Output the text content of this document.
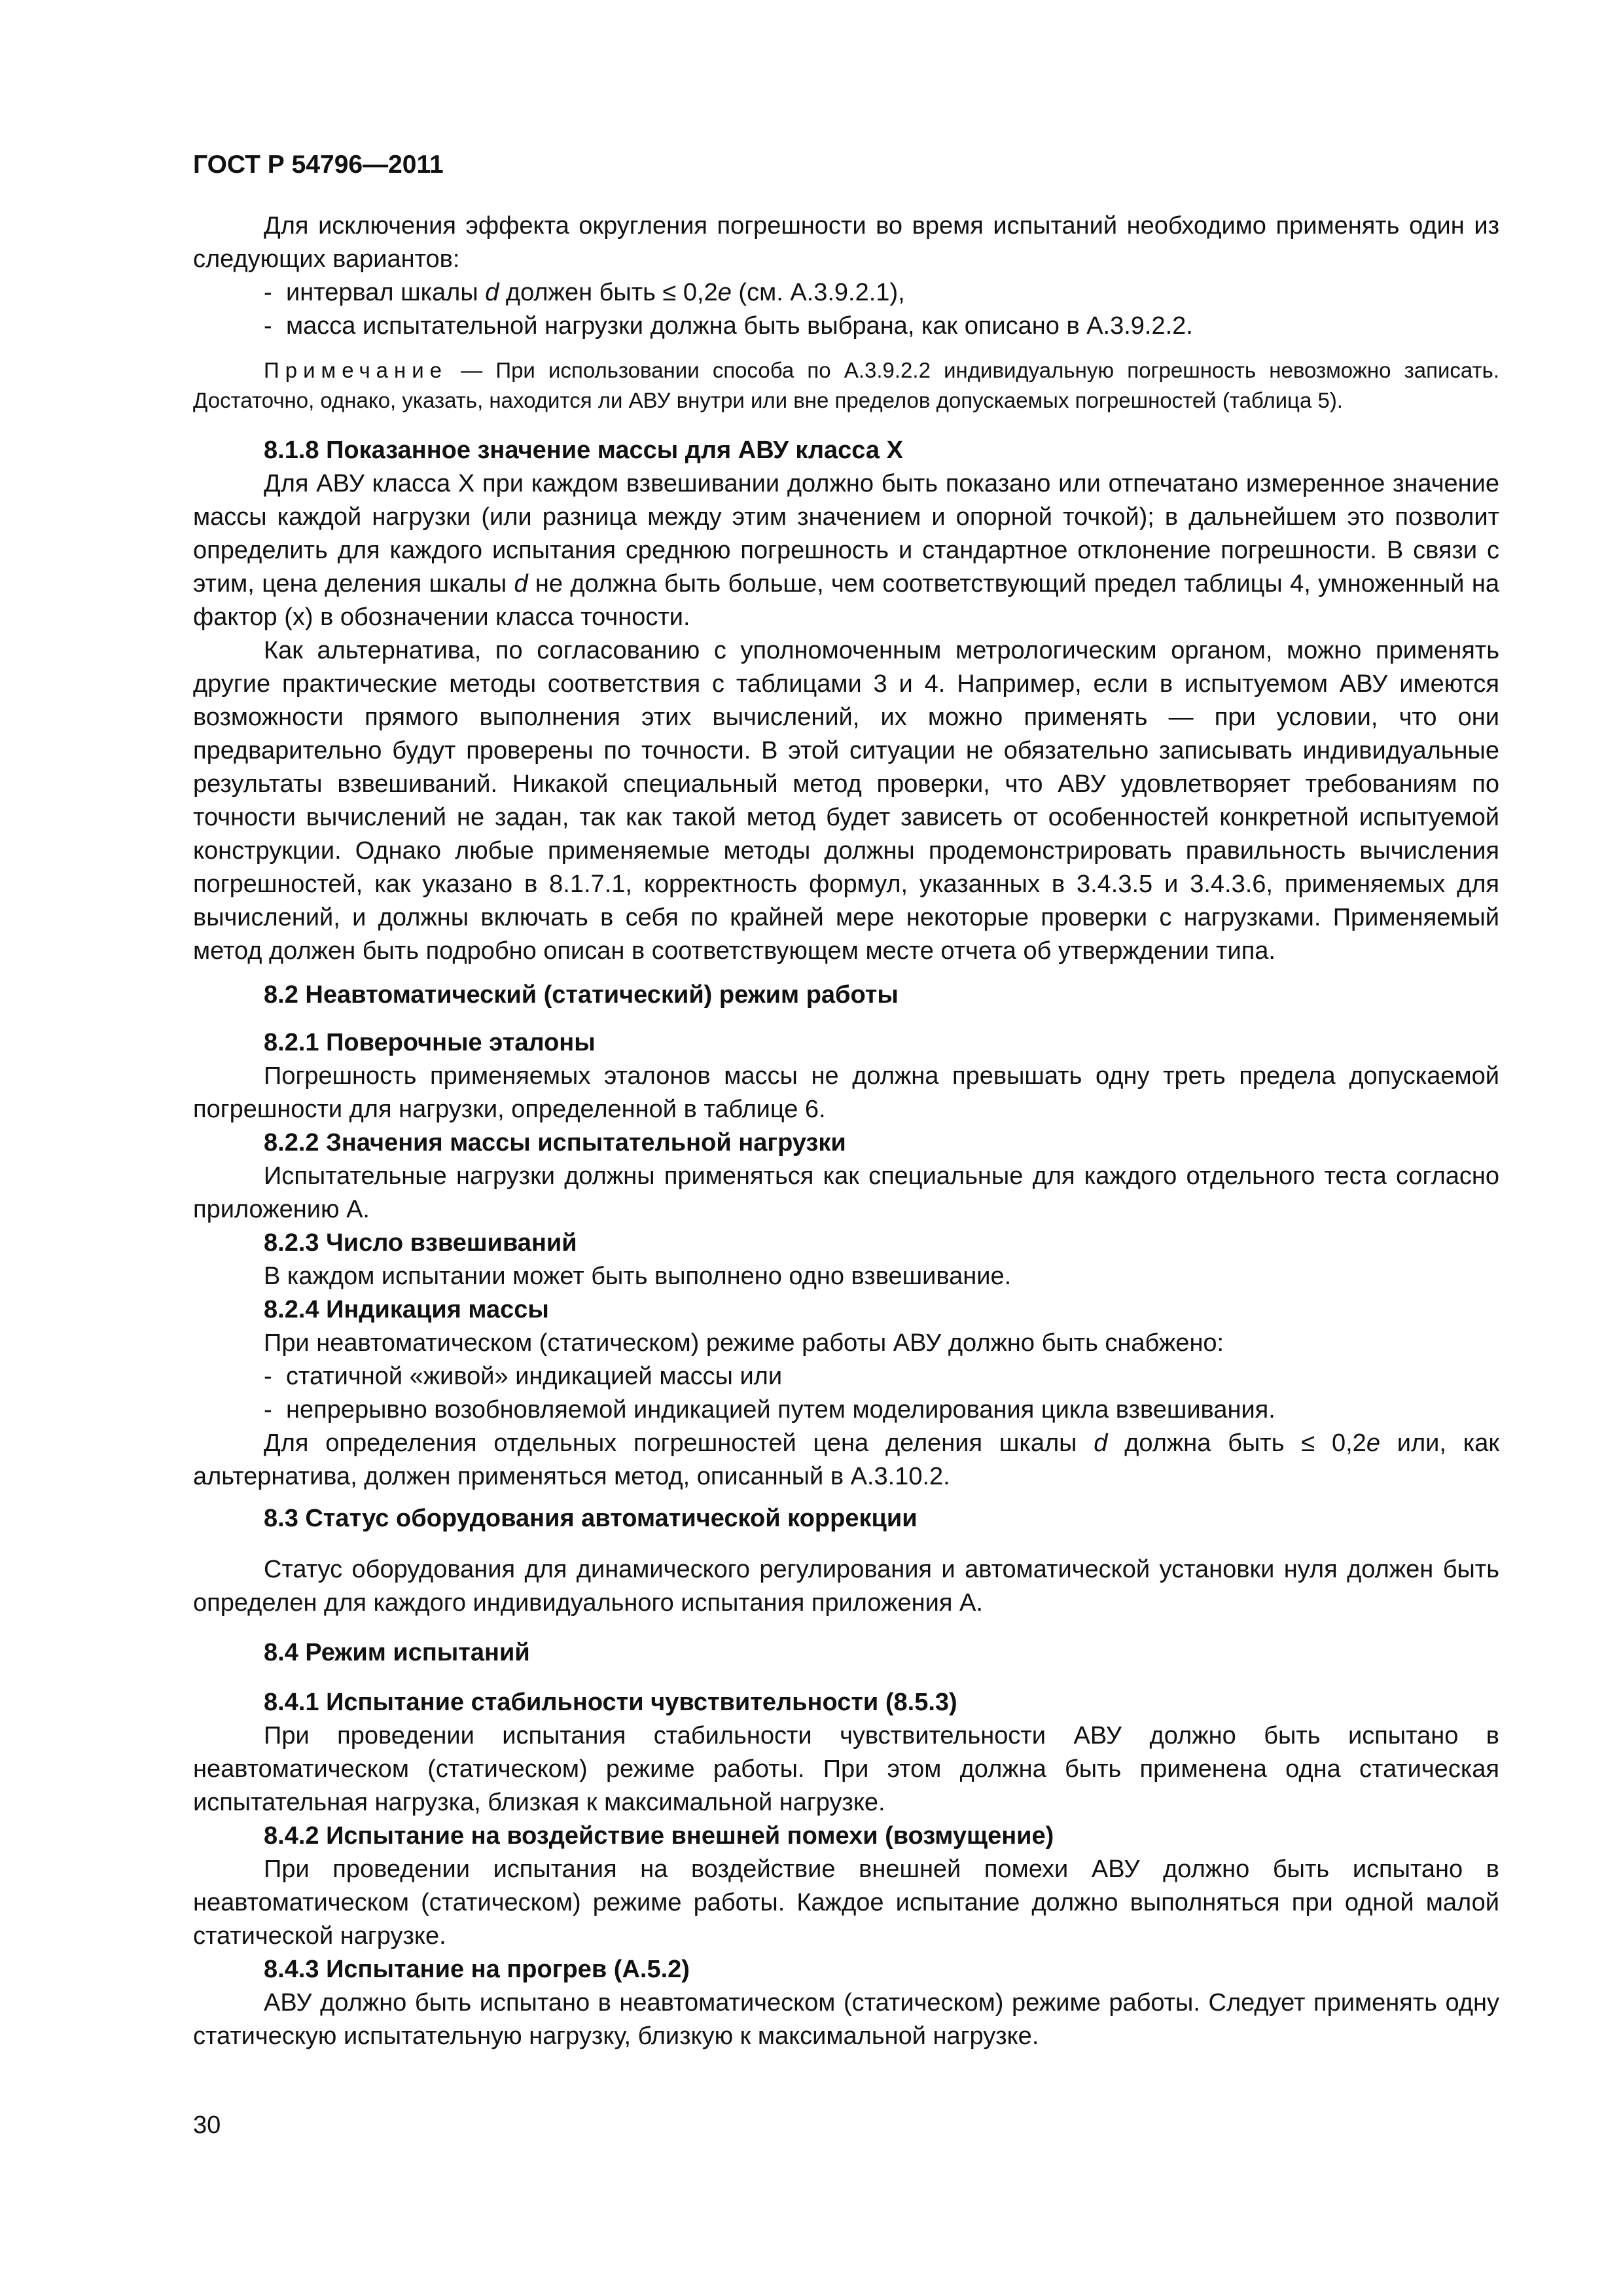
ГОСТ Р 54796—2011
Для исключения эффекта округления погрешности во время испытаний необходимо применять один из следующих вариантов:
- интервал шкалы d должен быть ≤ 0,2e (см. А.3.9.2.1),
- масса испытательной нагрузки должна быть выбрана, как описано в А.3.9.2.2.
Примечание — При использовании способа по А.3.9.2.2 индивидуальную погрешность невозможно записать. Достаточно, однако, указать, находится ли АВУ внутри или вне пределов допускаемых погрешностей (таблица 5).
8.1.8 Показанное значение массы для АВУ класса X
Для АВУ класса X при каждом взвешивании должно быть показано или отпечатано измеренное значение массы каждой нагрузки (или разница между этим значением и опорной точкой); в дальнейшем это позволит определить для каждого испытания среднюю погрешность и стандартное отклонение погрешности. В связи с этим, цена деления шкалы d не должна быть больше, чем соответствующий предел таблицы 4, умноженный на фактор (x) в обозначении класса точности.
Как альтернатива, по согласованию с уполномоченным метрологическим органом, можно применять другие практические методы соответствия с таблицами 3 и 4. Например, если в испытуемом АВУ имеются возможности прямого выполнения этих вычислений, их можно применять — при условии, что они предварительно будут проверены по точности. В этой ситуации не обязательно записывать индивидуальные результаты взвешиваний. Никакой специальный метод проверки, что АВУ удовлетворяет требованиям по точности вычислений не задан, так как такой метод будет зависеть от особенностей конкретной испытуемой конструкции. Однако любые применяемые методы должны продемонстрировать правильность вычисления погрешностей, как указано в 8.1.7.1, корректность формул, указанных в 3.4.3.5 и 3.4.3.6, применяемых для вычислений, и должны включать в себя по крайней мере некоторые проверки с нагрузками. Применяемый метод должен быть подробно описан в соответствующем месте отчета об утверждении типа.
8.2 Неавтоматический (статический) режим работы
8.2.1 Поверочные эталоны
Погрешность применяемых эталонов массы не должна превышать одну треть предела допускаемой погрешности для нагрузки, определенной в таблице 6.
8.2.2 Значения массы испытательной нагрузки
Испытательные нагрузки должны применяться как специальные для каждого отдельного теста согласно приложению А.
8.2.3 Число взвешиваний
В каждом испытании может быть выполнено одно взвешивание.
8.2.4 Индикация массы
При неавтоматическом (статическом) режиме работы АВУ должно быть снабжено:
- статичной «живой» индикацией массы или
- непрерывно возобновляемой индикацией путем моделирования цикла взвешивания.
Для определения отдельных погрешностей цена деления шкалы d должна быть ≤ 0,2e или, как альтернатива, должен применяться метод, описанный в А.3.10.2.
8.3 Статус оборудования автоматической коррекции
Статус оборудования для динамического регулирования и автоматической установки нуля должен быть определен для каждого индивидуального испытания приложения А.
8.4 Режим испытаний
8.4.1 Испытание стабильности чувствительности (8.5.3)
При проведении испытания стабильности чувствительности АВУ должно быть испытано в неавтоматическом (статическом) режиме работы. При этом должна быть применена одна статическая испытательная нагрузка, близкая к максимальной нагрузке.
8.4.2 Испытание на воздействие внешней помехи (возмущение)
При проведении испытания на воздействие внешней помехи АВУ должно быть испытано в неавтоматическом (статическом) режиме работы. Каждое испытание должно выполняться при одной малой статической нагрузке.
8.4.3 Испытание на прогрев (А.5.2)
АВУ должно быть испытано в неавтоматическом (статическом) режиме работы. Следует применять одну статическую испытательную нагрузку, близкую к максимальной нагрузке.
30
